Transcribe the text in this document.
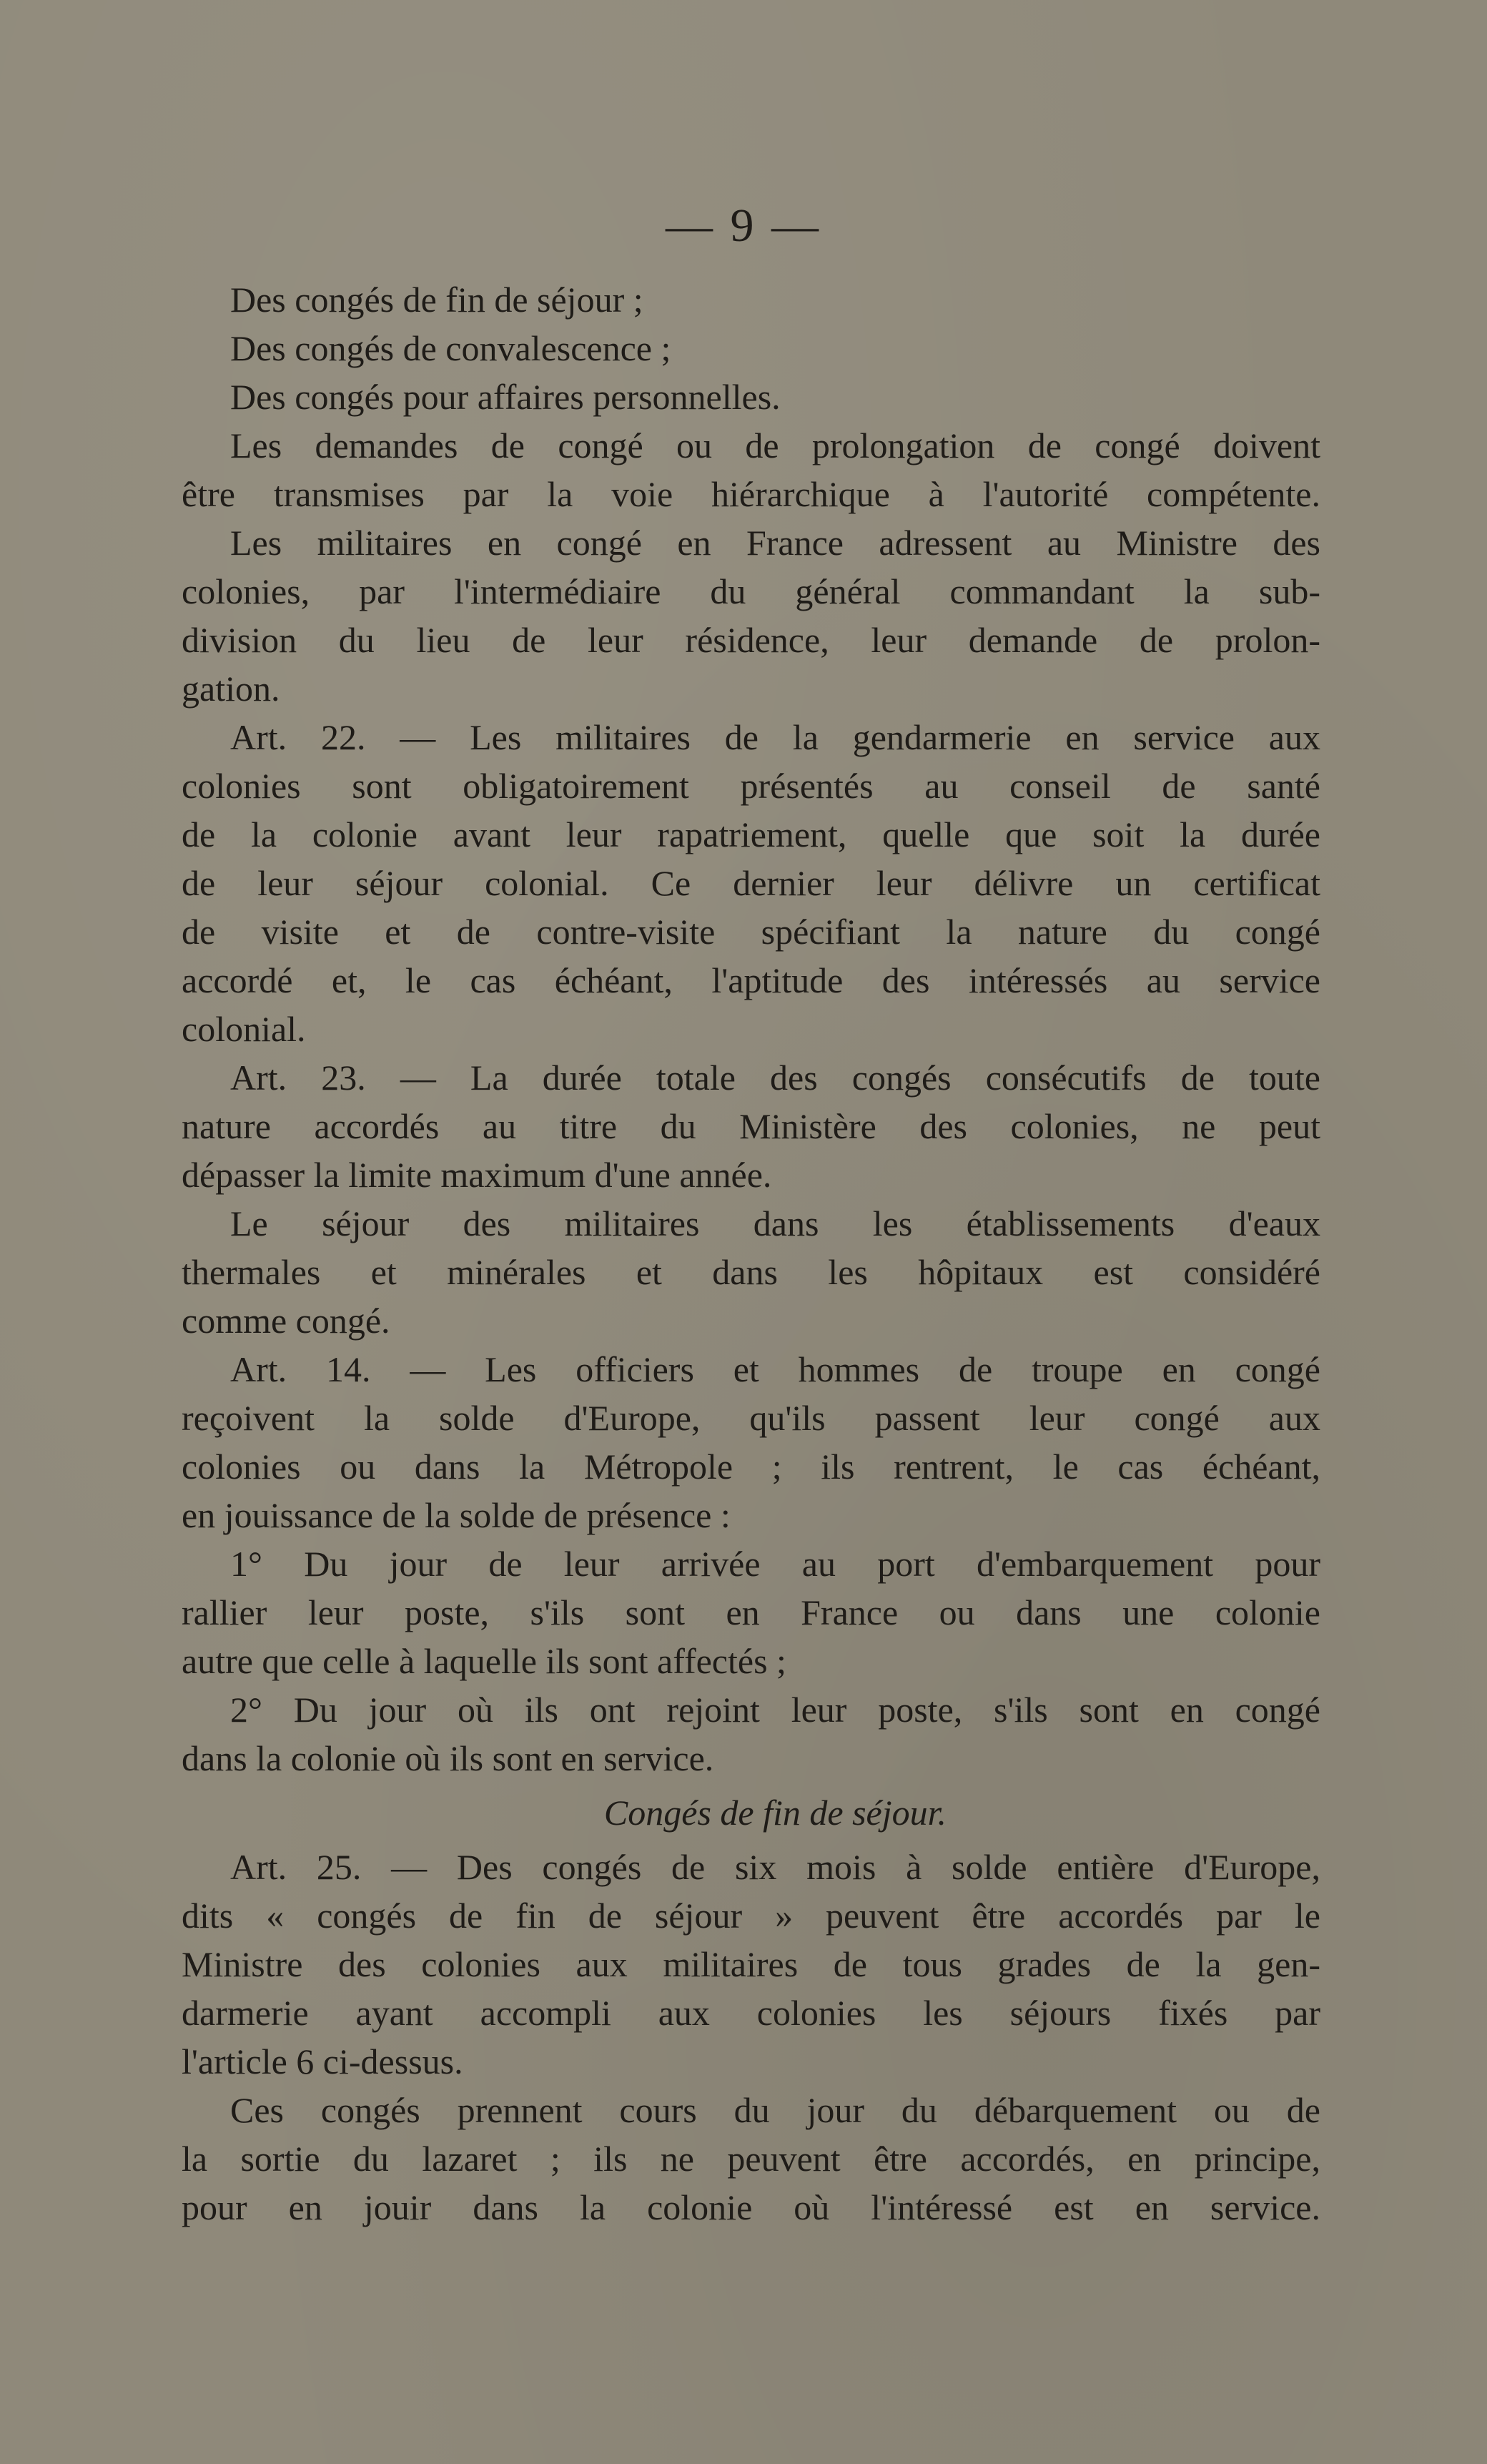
— 9 —
Des congés de fin de séjour ;
Des congés de convalescence ;
Des congés pour affaires personnelles.
Les demandes de congé ou de prolongation de congé doivent
être transmises par la voie hiérarchique à l'autorité compétente.
Les militaires en congé en France adressent au Ministre des
colonies, par l'intermédiaire du général commandant la sub-
division du lieu de leur résidence, leur demande de prolon-
gation.
Art. 22. — Les militaires de la gendarmerie en service aux
colonies sont obligatoirement présentés au conseil de santé
de la colonie avant leur rapatriement, quelle que soit la durée
de leur séjour colonial. Ce dernier leur délivre un certificat
de visite et de contre-visite spécifiant la nature du congé
accordé et, le cas échéant, l'aptitude des intéressés au service
colonial.
Art. 23. — La durée totale des congés consécutifs de toute
nature accordés au titre du Ministère des colonies, ne peut
dépasser la limite maximum d'une année.
Le séjour des militaires dans les établissements d'eaux
thermales et minérales et dans les hôpitaux est considéré
comme congé.
Art. 14. — Les officiers et hommes de troupe en congé
reçoivent la solde d'Europe, qu'ils passent leur congé aux
colonies ou dans la Métropole ; ils rentrent, le cas échéant,
en jouissance de la solde de présence :
1° Du jour de leur arrivée au port d'embarquement pour
rallier leur poste, s'ils sont en France ou dans une colonie
autre que celle à laquelle ils sont affectés ;
2° Du jour où ils ont rejoint leur poste, s'ils sont en congé
dans la colonie où ils sont en service.
Congés de fin de séjour.
Art. 25. — Des congés de six mois à solde entière d'Europe,
dits « congés de fin de séjour » peuvent être accordés par le
Ministre des colonies aux militaires de tous grades de la gen-
darmerie ayant accompli aux colonies les séjours fixés par
l'article 6 ci-dessus.
Ces congés prennent cours du jour du débarquement ou de
la sortie du lazaret ; ils ne peuvent être accordés, en principe,
pour en jouir dans la colonie où l'intéressé est en service.
